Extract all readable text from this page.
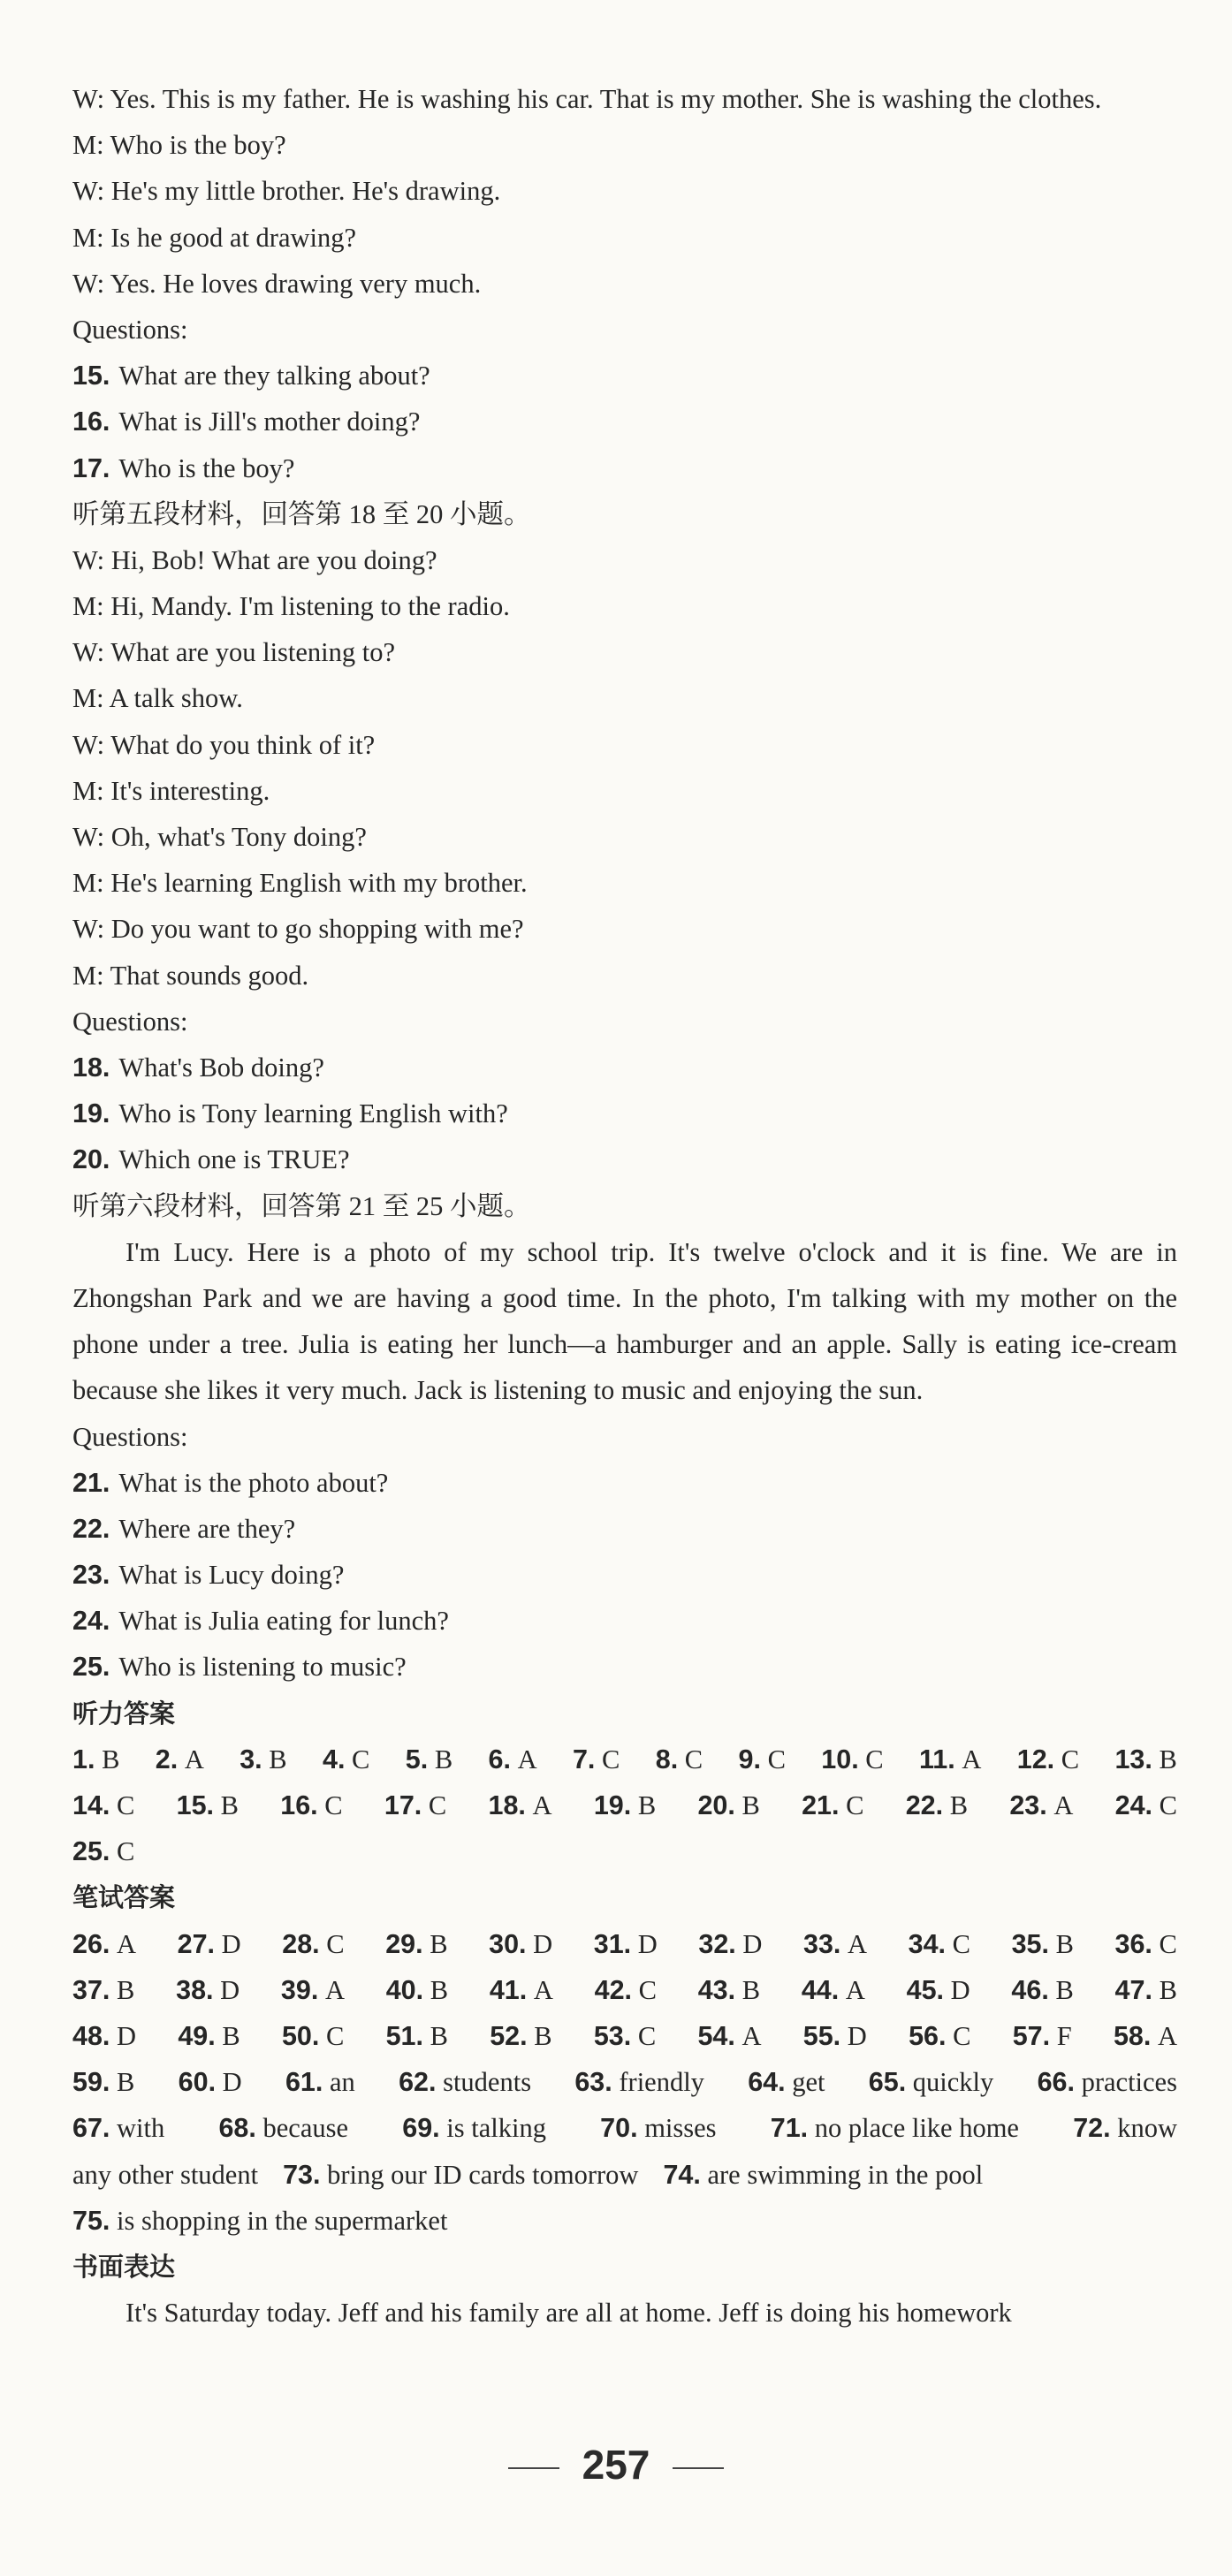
W: Yes. This is my father. He is washing his car. That is my mother. She is washing the clothes.
M: Who is the boy?
W: He's my little brother. He's drawing.
M: Is he good at drawing?
W: Yes. He loves drawing very much.
Questions:
15. What are they talking about?
16. What is Jill's mother doing?
17. Who is the boy?
听第五段材料，回答第 18 至 20 小题。
W: Hi, Bob! What are you doing?
M: Hi, Mandy. I'm listening to the radio.
W: What are you listening to?
M: A talk show.
W: What do you think of it?
M: It's interesting.
W: Oh, what's Tony doing?
M: He's learning English with my brother.
W: Do you want to go shopping with me?
M: That sounds good.
Questions:
18. What's Bob doing?
19. Who is Tony learning English with?
20. Which one is TRUE?
听第六段材料，回答第 21 至 25 小题。
I'm Lucy. Here is a photo of my school trip. It's twelve o'clock and it is fine. We are in Zhongshan Park and we are having a good time. In the photo, I'm talking with my mother on the phone under a tree. Julia is eating her lunch—a hamburger and an apple. Sally is eating ice-cream because she likes it very much. Jack is listening to music and enjoying the sun.
Questions:
21. What is the photo about?
22. Where are they?
23. What is Lucy doing?
24. What is Julia eating for lunch?
25. Who is listening to music?
听力答案
1. B 2. A 3. B 4. C 5. B 6. A 7. C 8. C 9. C 10. C 11. A 12. C 13. B
14. C 15. B 16. C 17. C 18. A 19. B 20. B 21. C 22. B 23. A 24. C
25. C
笔试答案
26. A 27. D 28. C 29. B 30. D 31. D 32. D 33. A 34. C 35. B 36. C
37. B 38. D 39. A 40. B 41. A 42. C 43. B 44. A 45. D 46. B 47. B
48. D 49. B 50. C 51. B 52. B 53. C 54. A 55. D 56. C 57. F 58. A
59. B 60. D 61. an 62. students 63. friendly 64. get 65. quickly 66. practices
67. with 68. because 69. is talking 70. misses 71. no place like home 72. know
any other student 73. bring our ID cards tomorrow 74. are swimming in the pool
75. is shopping in the supermarket
书面表达
It's Saturday today. Jeff and his family are all at home. Jeff is doing his homework
257
